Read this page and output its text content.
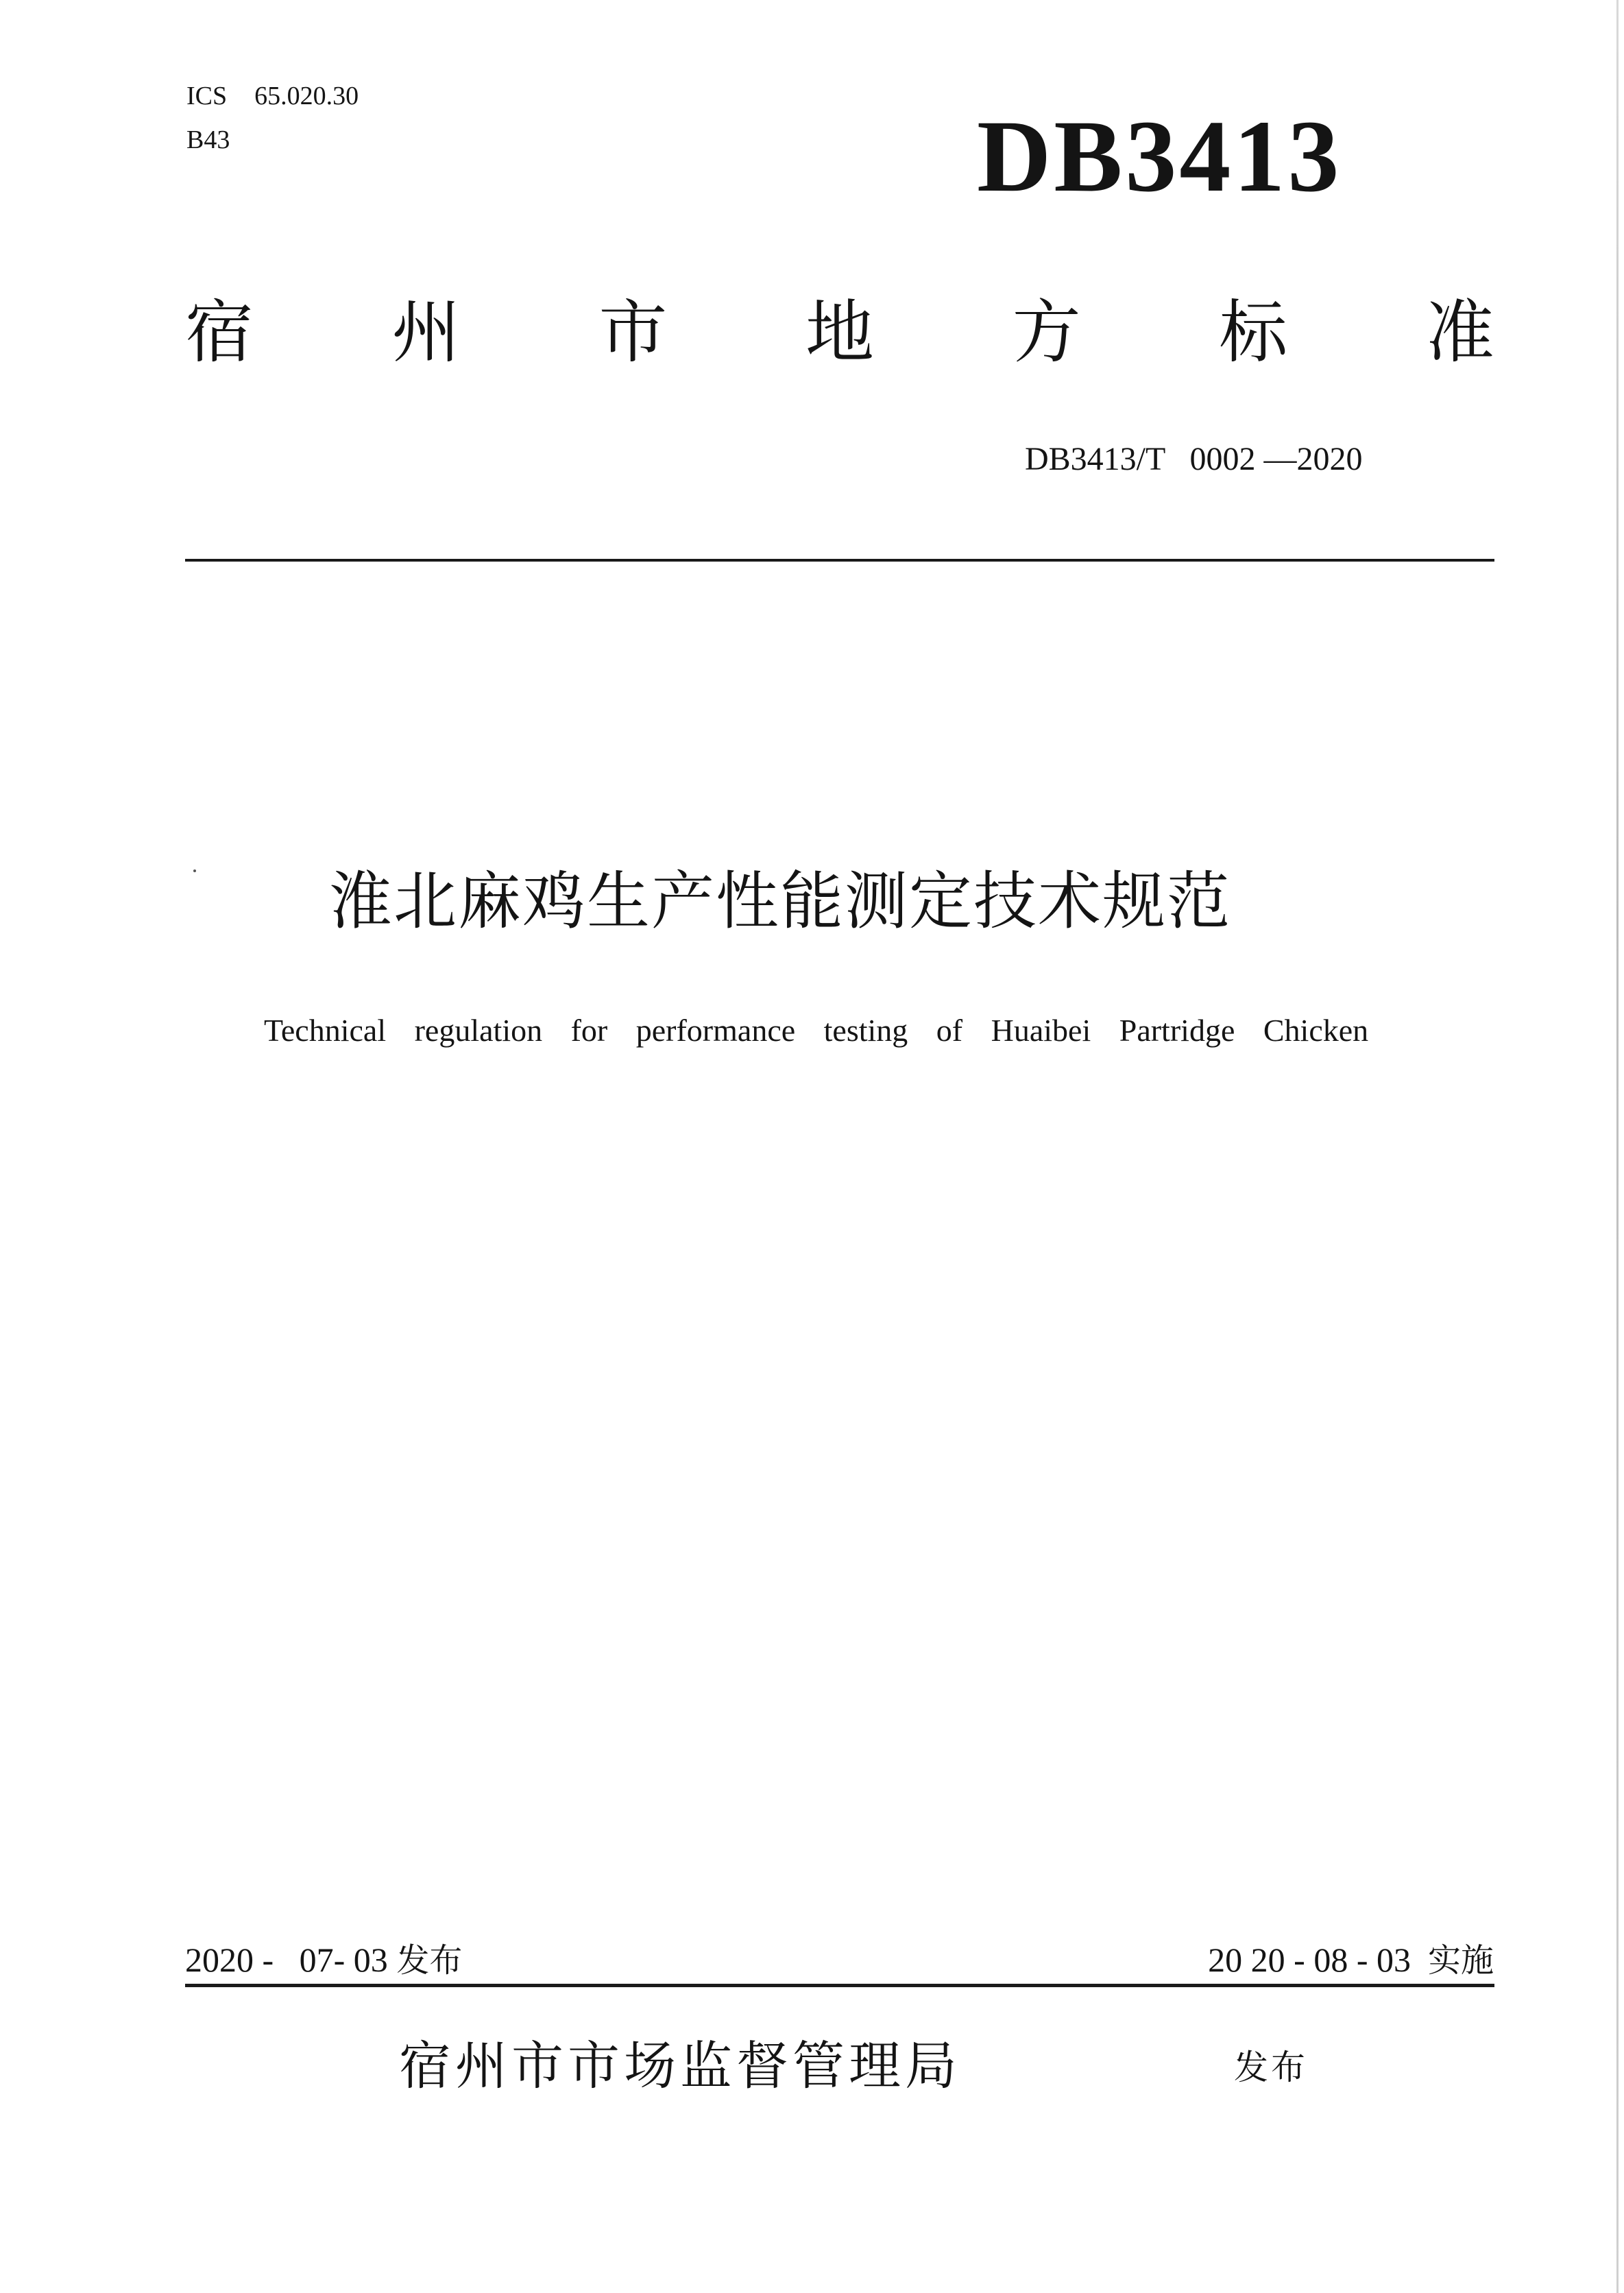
ICS 65.020.30
B43	DB3413
宿 州 市 地 方 标 准
DB3413/T   0002 —2020
淮北麻鸡生产性能测定技术规范
Technical regulation for performance testing of Huaibei Partridge Chicken
2020 -   07- 03 发布	20 20 - 08 - 03 实施
宿州市市场监督管理局	发布
